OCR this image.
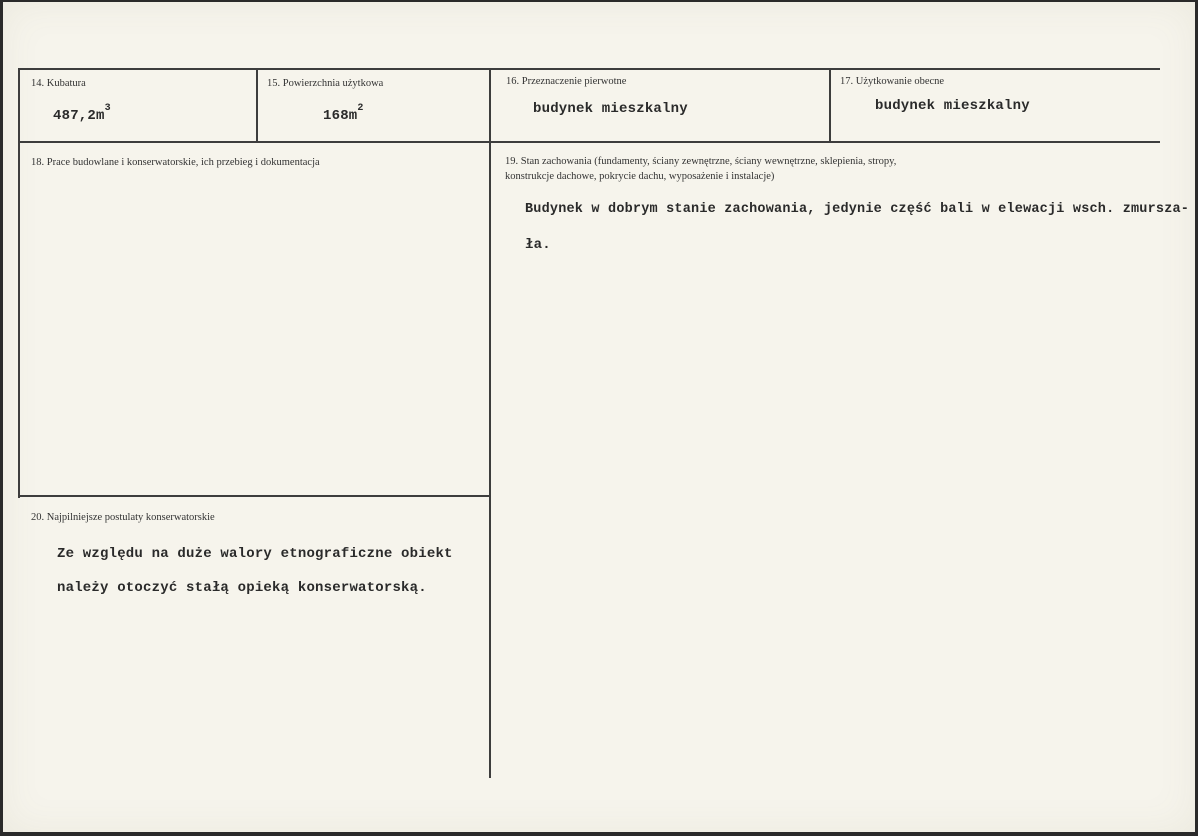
14. Kubatura
$487,2m^3$
15. Powierzchnia użytkowa
$168m^2$
16. Przeznaczenie pierwotne
budynek mieszkalny
17. Użytkowanie obecne
budynek mieszkalny
18. Prace budowlane i konserwatorskie, ich przebieg i dokumentacja	19. Stan zachowania (fundamenty, ściany zewnętrzne, ściany wewnętrzne, sklepienia, stropy,
konstrukcje dachowe, pokrycie dachu, wyposażenie i instalacje)
Budynek w dobrym stanie zachowania, jedynie część bali w elewacji wsch. zmursza-
ła.
20. Najpilniejsze postulaty konserwatorskie
Ze względu na duże walory etnograficzne obiekt
należy otoczyć stałą opieką konserwatorską.
